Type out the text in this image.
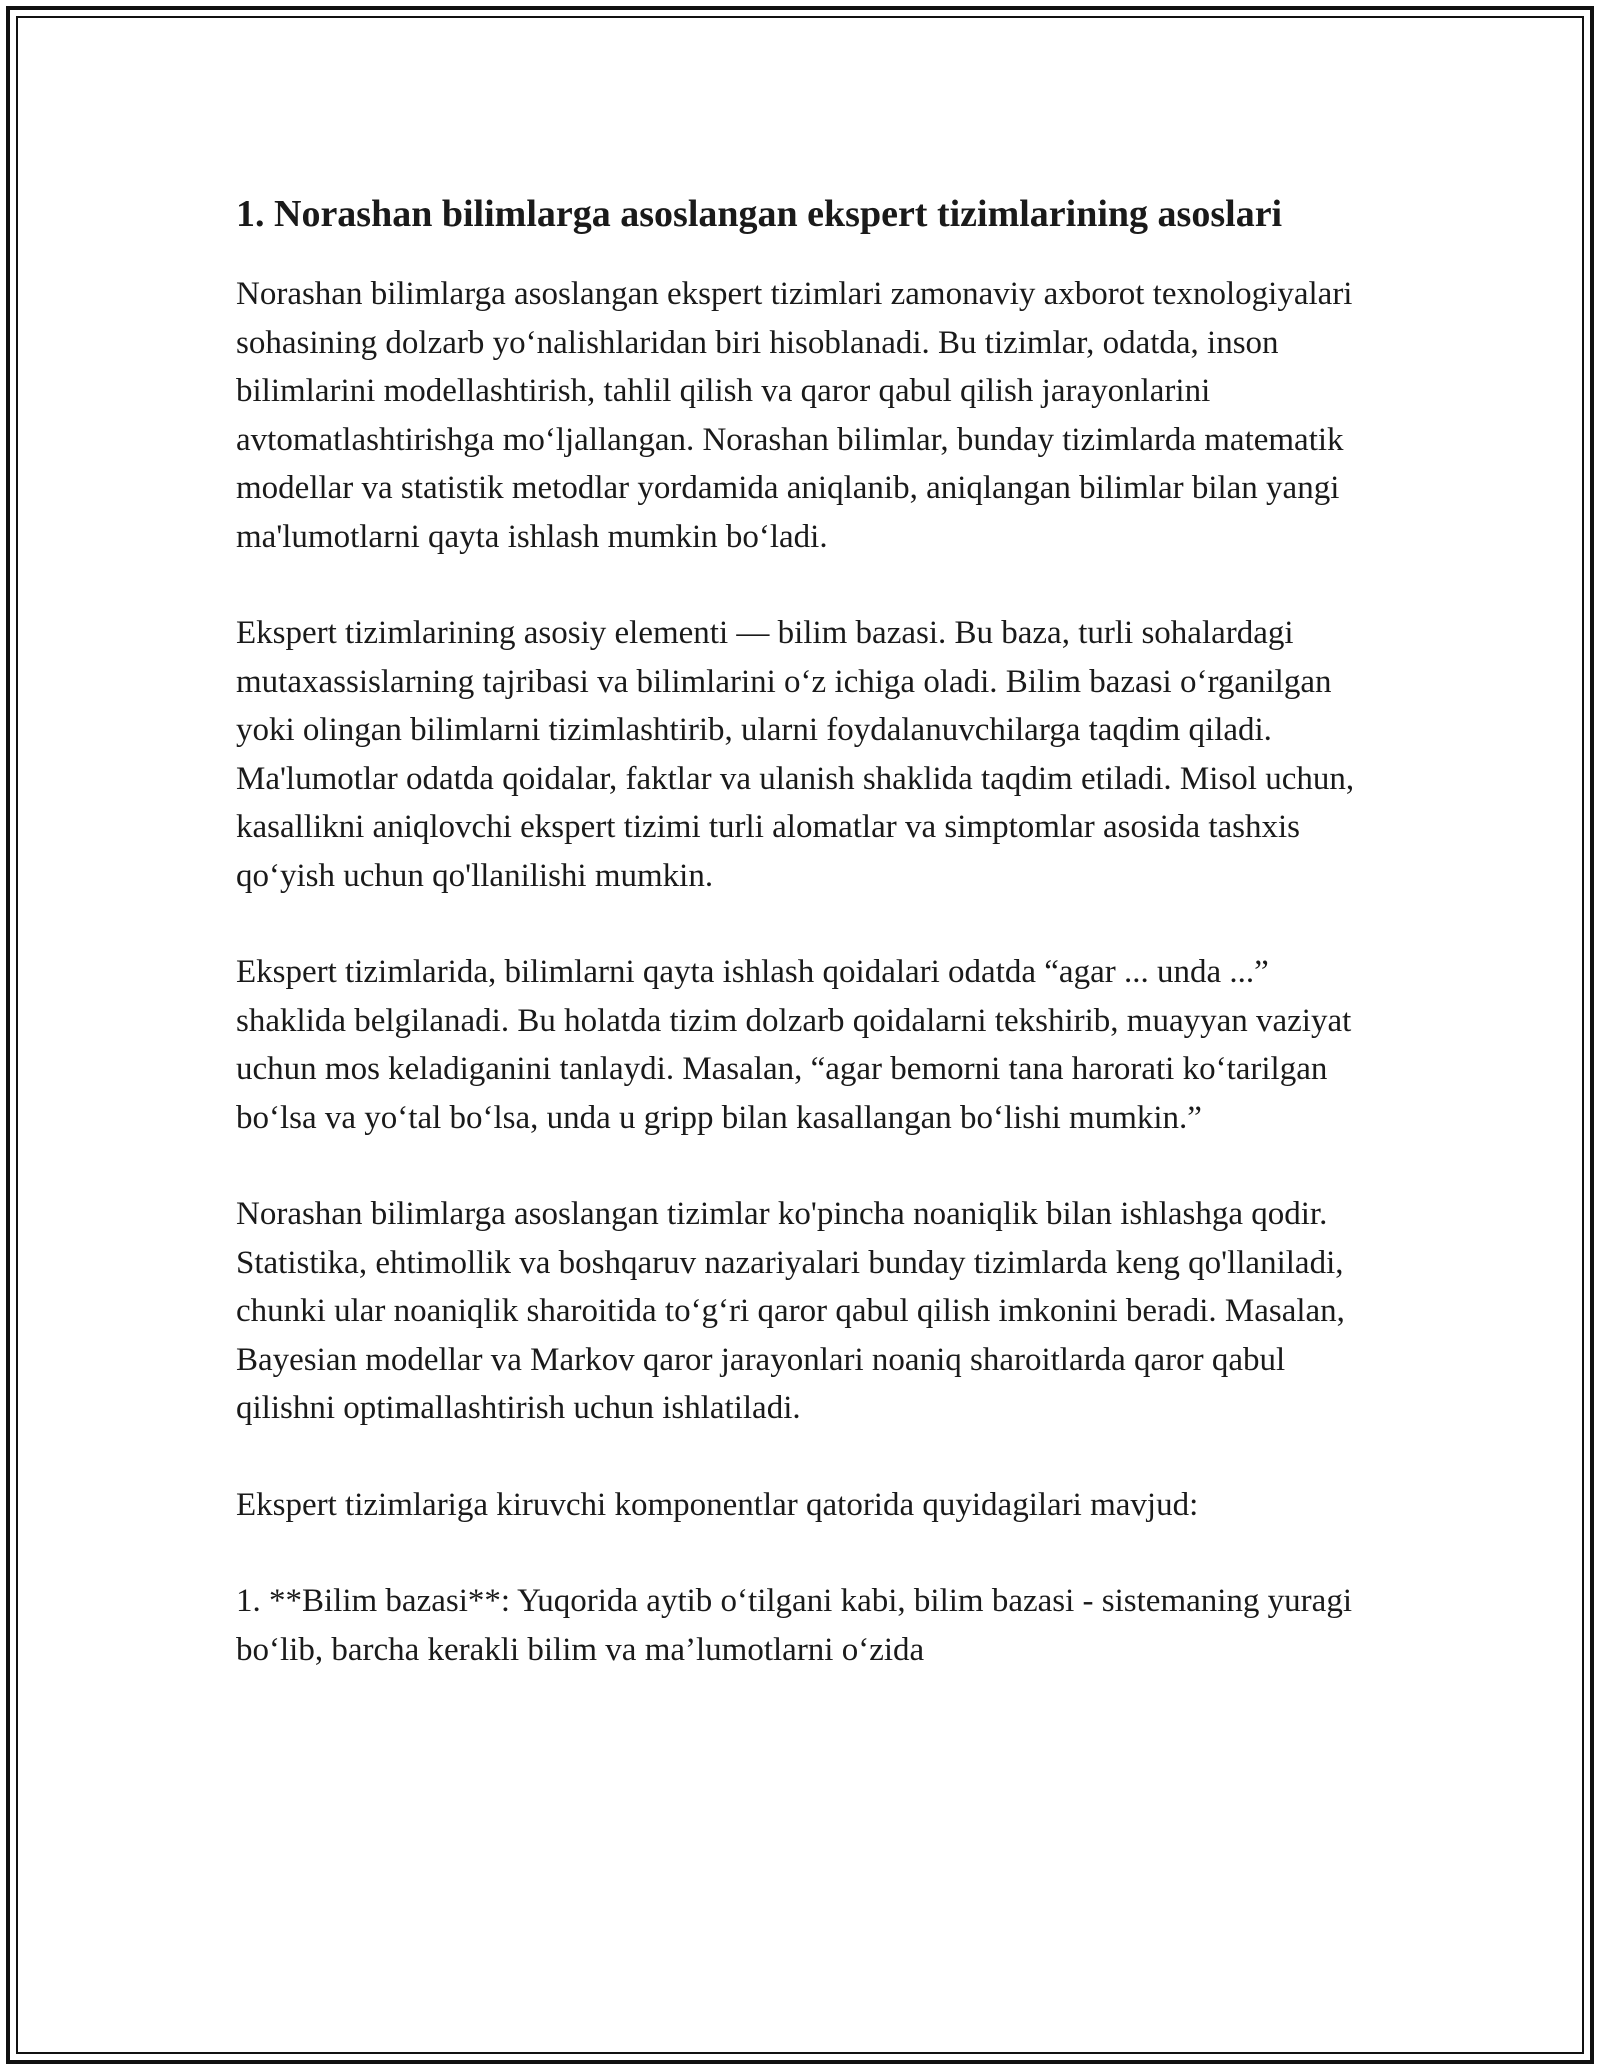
1. Norashan bilimlarga asoslangan ekspert tizimlarining asoslari

Norashan bilimlarga asoslangan ekspert tizimlari zamonaviy axborot texnologiyalari sohasining dolzarb yo‘nalishlaridan biri hisoblanadi. Bu tizimlar, odatda, inson bilimlarini modellashtirish, tahlil qilish va qaror qabul qilish jarayonlarini avtomatlashtirishga mo‘ljallangan. Norashan bilimlar, bunday tizimlarda matematik modellar va statistik metodlar yordamida aniqlanib, aniqlangan bilimlar bilan yangi ma'lumotlarni qayta ishlash mumkin bo‘ladi.

Ekspert tizimlarining asosiy elementi — bilim bazasi. Bu baza, turli sohalardagi mutaxassislarning tajribasi va bilimlarini o‘z ichiga oladi. Bilim bazasi o‘rganilgan yoki olingan bilimlarni tizimlashtirib, ularni foydalanuvchilarga taqdim qiladi. Ma'lumotlar odatda qoidalar, faktlar va ulanish shaklida taqdim etiladi. Misol uchun, kasallikni aniqlovchi ekspert tizimi turli alomatlar va simptomlar asosida tashxis qo‘yish uchun qo'llanilishi mumkin.

Ekspert tizimlarida, bilimlarni qayta ishlash qoidalari odatda “agar ... unda ...” shaklida belgilanadi. Bu holatda tizim dolzarb qoidalarni tekshirib, muayyan vaziyat uchun mos keladiganini tanlaydi. Masalan, “agar bemorni tana harorati ko‘tarilgan bo‘lsa va yo‘tal bo‘lsa, unda u gripp bilan kasallangan bo‘lishi mumkin.”

Norashan bilimlarga asoslangan tizimlar ko'pincha noaniqlik bilan ishlashga qodir. Statistika, ehtimollik va boshqaruv nazariyalari bunday tizimlarda keng qo'llaniladi, chunki ular noaniqlik sharoitida to‘g‘ri qaror qabul qilish imkonini beradi. Masalan, Bayesian modellar va Markov qaror jarayonlari noaniq sharoitlarda qaror qabul qilishni optimallashtirish uchun ishlatiladi.

Ekspert tizimlariga kiruvchi komponentlar qatorida quyidagilari mavjud:

1. **Bilim bazasi**: Yuqorida aytib o‘tilgani kabi, bilim bazasi - sistemaning yuragi bo‘lib, barcha kerakli bilim va ma’lumotlarni o‘zida
